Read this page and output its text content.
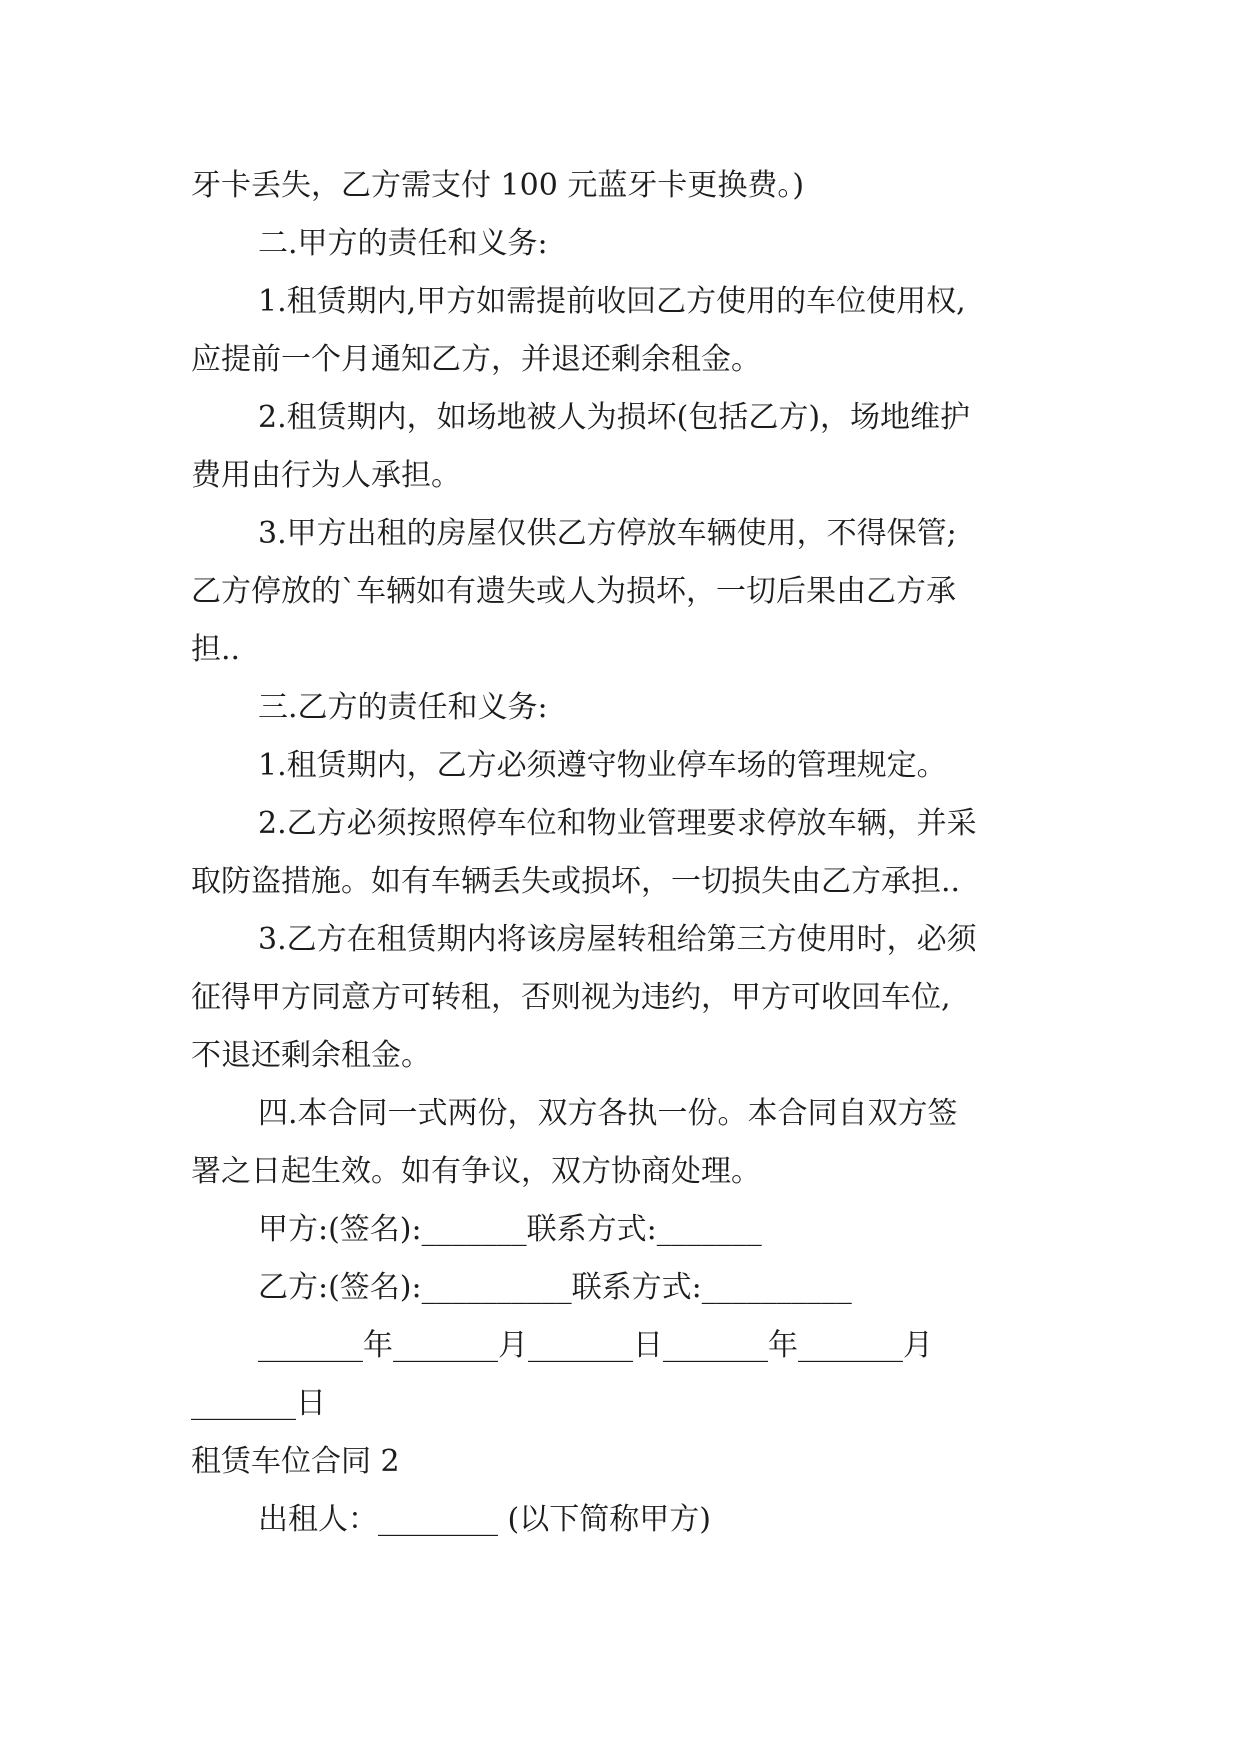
牙卡丢失，乙方需支付 100 元蓝牙卡更换费。)

二.甲方的责任和义务:

1.租赁期内,甲方如需提前收回乙方使用的车位使用权,

应提前一个月通知乙方，并退还剩余租金。

2.租赁期内，如场地被人为损坏(包括乙方)，场地维护

费用由行为人承担。

3.甲方出租的房屋仅供乙方停放车辆使用，不得保管;

乙方停放的`车辆如有遗失或人为损坏，一切后果由乙方承

担..

三.乙方的责任和义务:

1.租赁期内，乙方必须遵守物业停车场的管理规定。

2.乙方必须按照停车位和物业管理要求停放车辆，并采

取防盗措施。如有车辆丢失或损坏，一切损失由乙方承担..

3.乙方在租赁期内将该房屋转租给第三方使用时，必须

征得甲方同意方可转租，否则视为违约，甲方可收回车位,

不退还剩余租金。

四.本合同一式两份，双方各执一份。本合同自双方签

署之日起生效。如有争议，双方协商处理。

甲方:(签名):_______联系方式:_______

乙方:(签名):__________联系方式:__________

_______年_______月_______日_______年_______月

_______日

租赁车位合同 2

出租人：________ (以下简称甲方)
